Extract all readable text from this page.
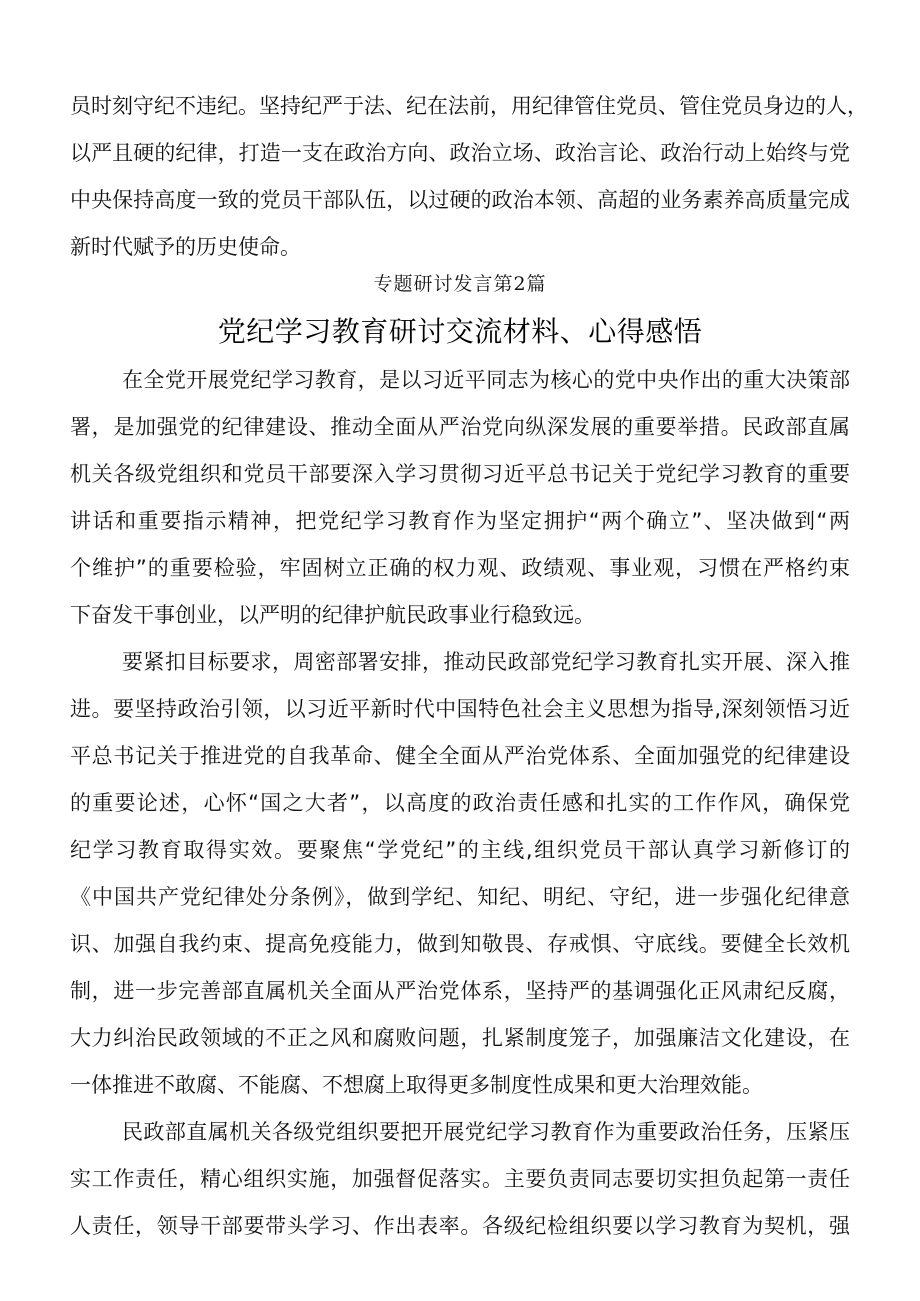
员时刻守纪不违纪。坚持纪严于法、纪在法前，用纪律管住党员、管住党员身边的人，
以严且硬的纪律，打造一支在政治方向、政治立场、政治言论、政治行动上始终与党
中央保持高度一致的党员干部队伍，以过硬的政治本领、高超的业务素养高质量完成
新时代赋予的历史使命。
专题研讨发言第2篇
党纪学习教育研讨交流材料、心得感悟
在全党开展党纪学习教育，是以习近平同志为核心的党中央作出的重大决策部
署，是加强党的纪律建设、推动全面从严治党向纵深发展的重要举措。民政部直属
机关各级党组织和党员干部要深入学习贯彻习近平总书记关于党纪学习教育的重要
讲话和重要指示精神，把党纪学习教育作为坚定拥护“两个确立”、坚决做到“两
个维护”的重要检验，牢固树立正确的权力观、政绩观、事业观，习惯在严格约束
下奋发干事创业，以严明的纪律护航民政事业行稳致远。
要紧扣目标要求，周密部署安排，推动民政部党纪学习教育扎实开展、深入推
进。要坚持政治引领，以习近平新时代中国特色社会主义思想为指导,深刻领悟习近
平总书记关于推进党的自我革命、健全全面从严治党体系、全面加强党的纪律建设
的重要论述，心怀“国之大者”，以高度的政治责任感和扎实的工作作风，确保党
纪学习教育取得实效。要聚焦“学党纪”的主线,组织党员干部认真学习新修订的
《中国共产党纪律处分条例》，做到学纪、知纪、明纪、守纪，进一步强化纪律意
识、加强自我约束、提高免疫能力，做到知敬畏、存戒惧、守底线。要健全长效机
制，进一步完善部直属机关全面从严治党体系，坚持严的基调强化正风肃纪反腐，
大力纠治民政领域的不正之风和腐败问题，扎紧制度笼子，加强廉洁文化建设，在
一体推进不敢腐、不能腐、不想腐上取得更多制度性成果和更大治理效能。
民政部直属机关各级党组织要把开展党纪学习教育作为重要政治任务，压紧压
实工作责任，精心组织实施，加强督促落实。主要负责同志要切实担负起第一责任
人责任，领导干部要带头学习、作出表率。各级纪检组织要以学习教育为契机，强
